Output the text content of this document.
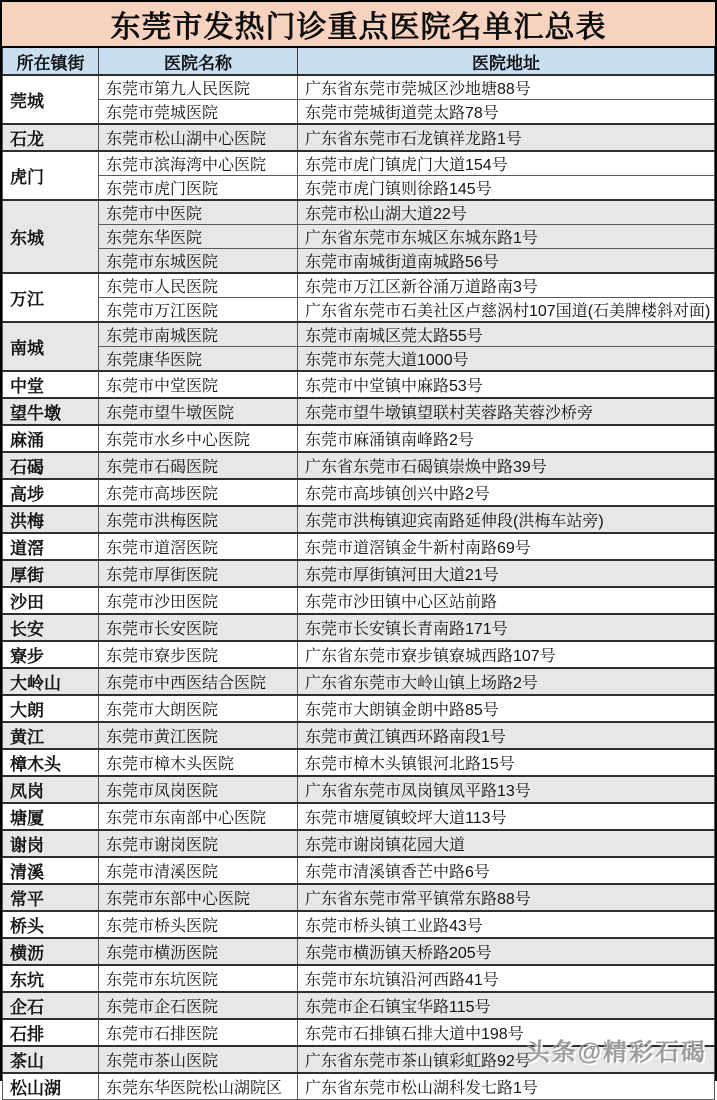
东莞市发热门诊重点医院名单汇总表
所在镇街	医院名称	医院地址
莞城	东莞市第九人民医院	广东省东莞市莞城区沙地塘88号
	东莞市莞城医院	东莞市莞城街道莞太路78号
石龙	东莞市松山湖中心医院	广东省东莞市石龙镇祥龙路1号
虎门	东莞市滨海湾中心医院	东莞市虎门镇虎门大道154号
	东莞市虎门医院	东莞市虎门镇则徐路145号
东城	东莞市中医院	东莞市松山湖大道22号
	东莞东华医院	广东省东莞市东城区东城东路1号
	东莞市东城医院	东莞市南城街道南城路56号
万江	东莞市人民医院	东莞市万江区新谷涌万道路南3号
	东莞市万江医院	广东省东莞市石美社区卢慈涡村107国道(石美牌楼斜对面)
南城	东莞市南城医院	东莞市南城区莞太路55号
	东莞康华医院	东莞市东莞大道1000号
中堂	东莞市中堂医院	东莞市中堂镇中麻路53号
望牛墩	东莞市望牛墩医院	东莞市望牛墩镇望联村芙蓉路芙蓉沙桥旁
麻涌	东莞市水乡中心医院	东莞市麻涌镇南峰路2号
石碣	东莞市石碣医院	广东省东莞市石碣镇崇焕中路39号
高埗	东莞市高埗医院	东莞市高埗镇创兴中路2号
洪梅	东莞市洪梅医院	东莞市洪梅镇迎宾南路延伸段(洪梅车站旁)
道滘	东莞市道滘医院	东莞市道滘镇金牛新村南路69号
厚街	东莞市厚街医院	东莞市厚街镇河田大道21号
沙田	东莞市沙田医院	东莞市沙田镇中心区站前路
长安	东莞市长安医院	东莞市长安镇长青南路171号
寮步	东莞市寮步医院	广东省东莞市寮步镇寮城西路107号
大岭山	东莞市中西医结合医院	广东省东莞市大岭山镇上场路2号
大朗	东莞市大朗医院	东莞市大朗镇金朗中路85号
黄江	东莞市黄江医院	东莞市黄江镇西环路南段1号
樟木头	东莞市樟木头医院	东莞市樟木头镇银河北路15号
凤岗	东莞市凤岗医院	广东省东莞市凤岗镇凤平路13号
塘厦	东莞市东南部中心医院	东莞市塘厦镇蛟坪大道113号
谢岗	东莞市谢岗医院	东莞市谢岗镇花园大道
清溪	东莞市清溪医院	东莞市清溪镇香芒中路6号
常平	东莞市东部中心医院	广东省东莞市常平镇常东路88号
桥头	东莞市桥头医院	东莞市桥头镇工业路43号
横沥	东莞市横沥医院	东莞市横沥镇天桥路205号
东坑	东莞市东坑医院	东莞市东坑镇沿河西路41号
企石	东莞市企石医院	东莞市企石镇宝华路115号
石排	东莞市石排医院	东莞市石排镇石排大道中198号
茶山	东莞市茶山医院	广东省东莞市茶山镇彩虹路92号
松山湖	东莞东华医院松山湖院区	广东省东莞市松山湖科发七路1号
头条@精彩石碣
